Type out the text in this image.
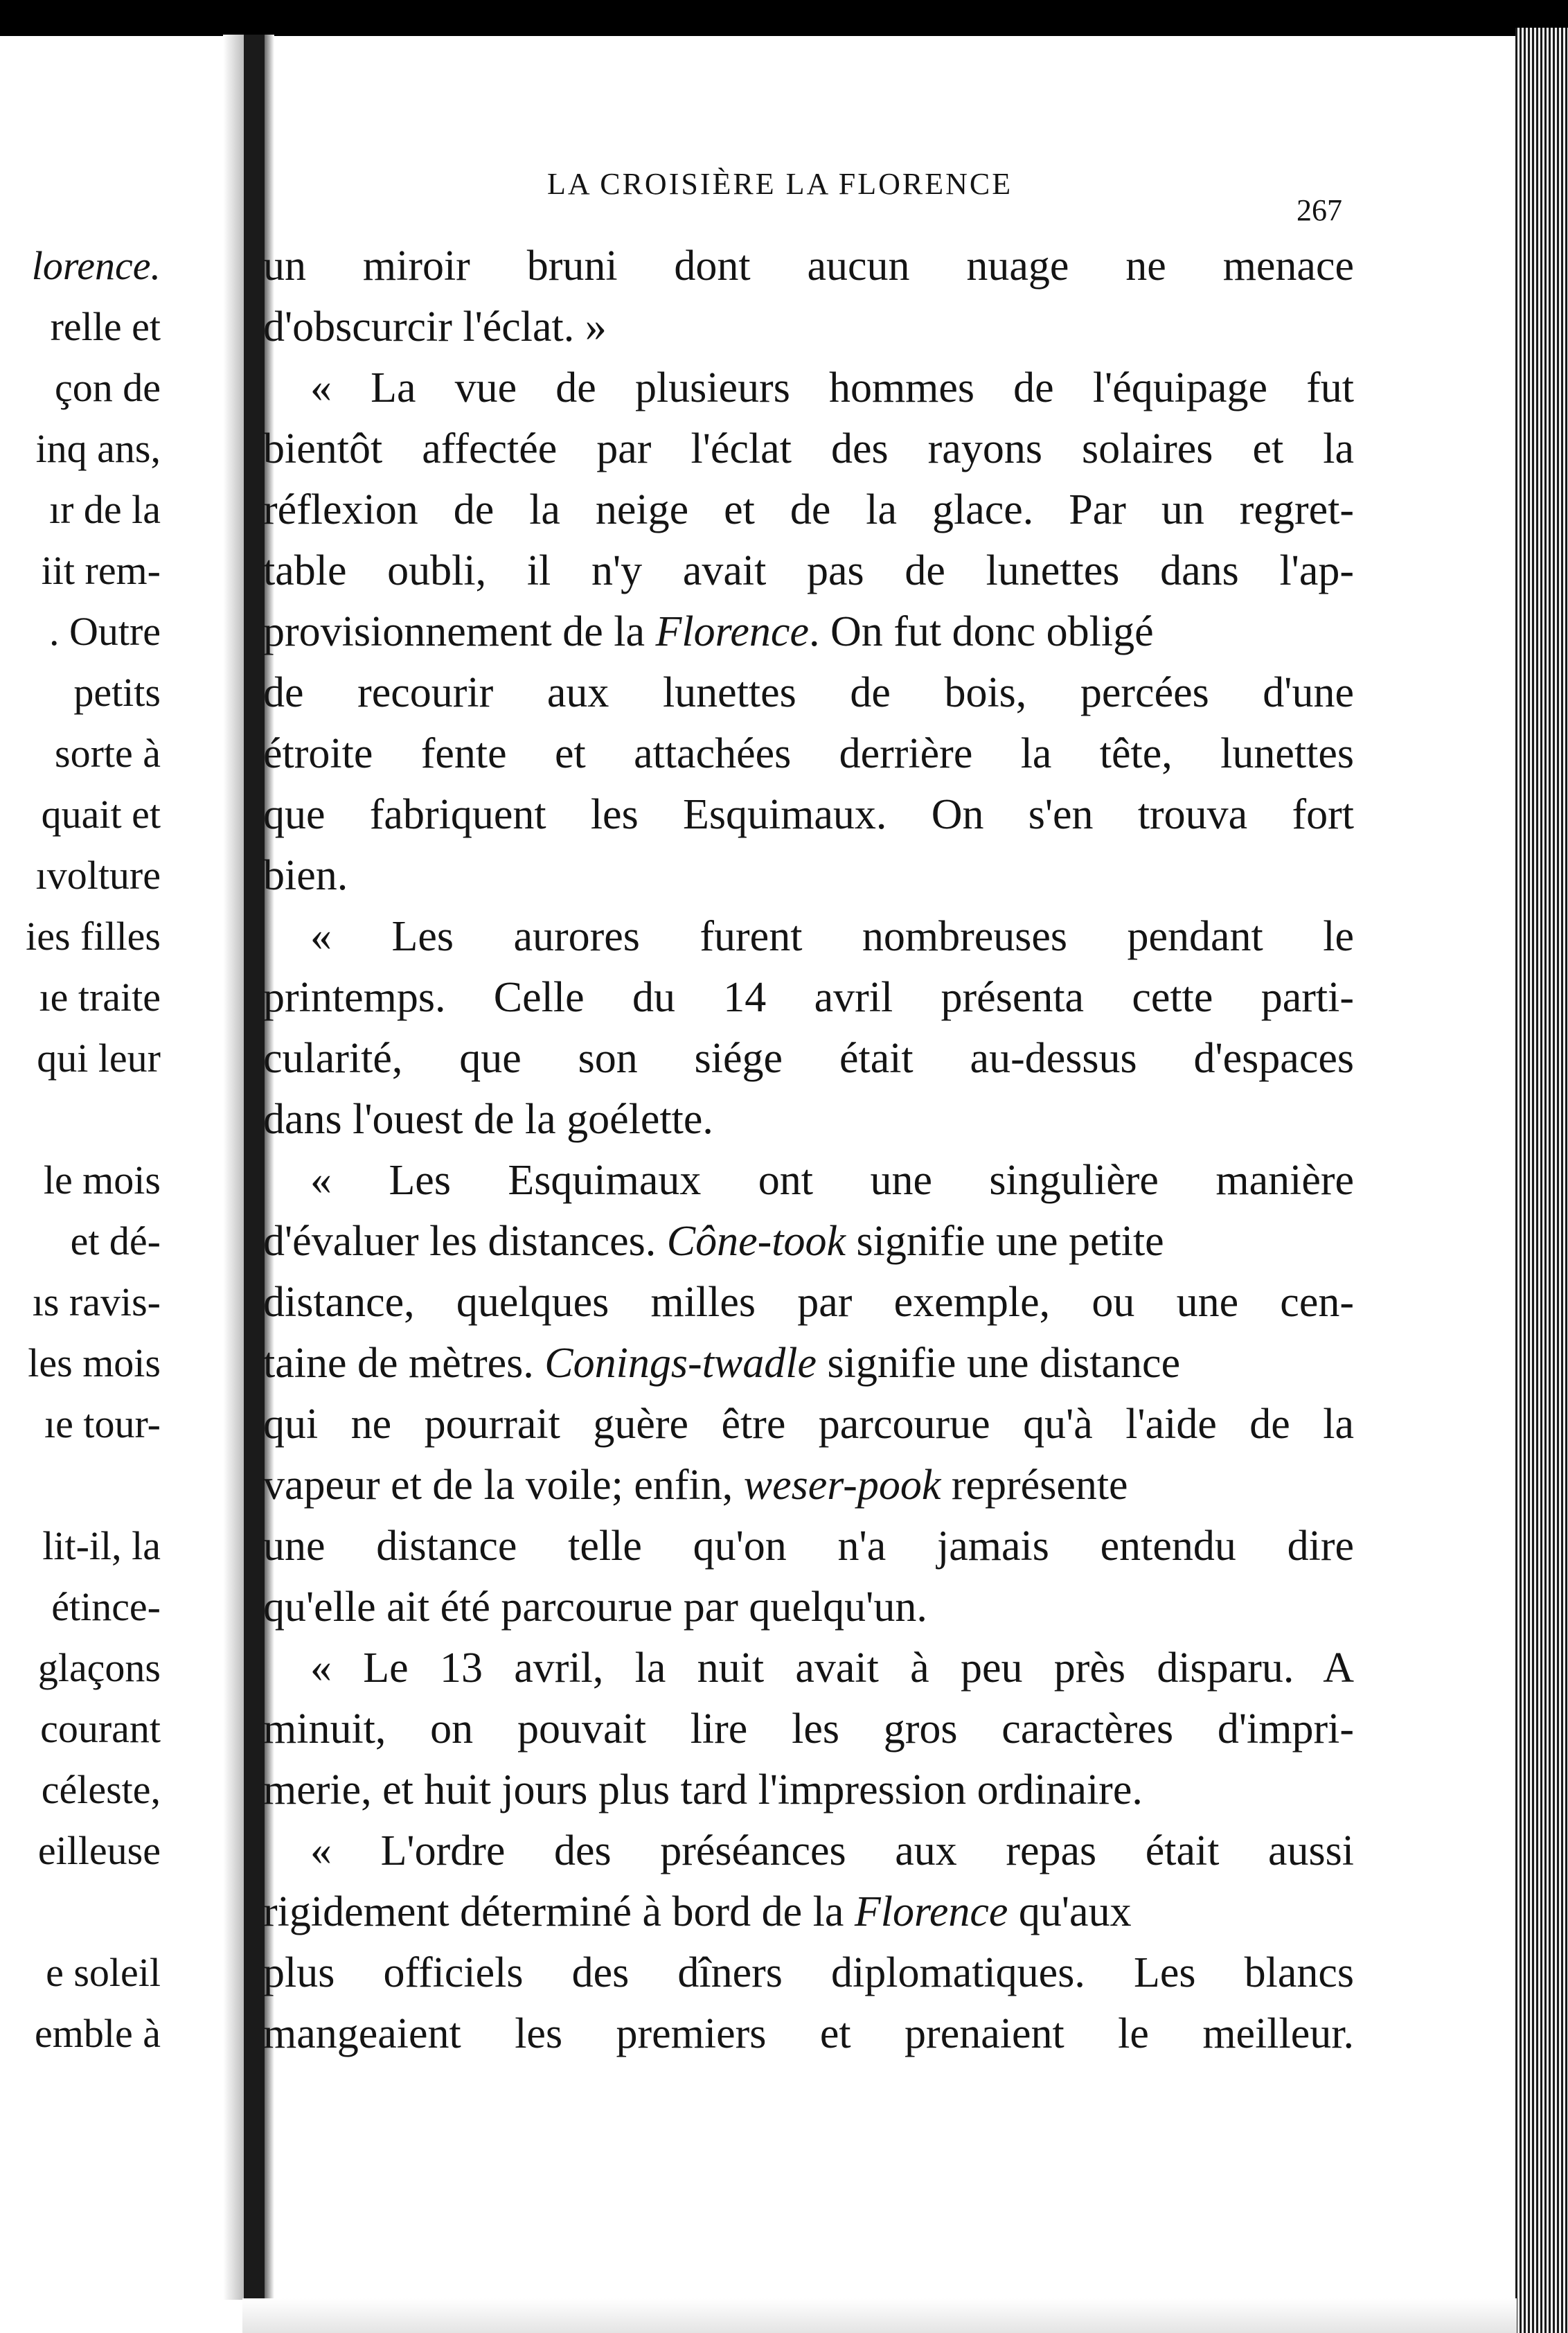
lorence.
relle et
çon de
inq ans,
ır de la
iit rem-
. Outre
petits
sorte à
quait et
ıvolture
ies filles
ıe traite
qui leur
le mois
et dé-
ıs ravis-
les mois
ıe tour-
lit-il, la
étince-
glaçons
courant
céleste,
eilleuse
e soleil
emble à
LA CROISIÈRE LA FLORENCE
267
un miroir bruni dont aucun nuage ne menace
d'obscurcir l'éclat. »
« La vue de plusieurs hommes de l'équipage fut
bientôt affectée par l'éclat des rayons solaires et la
réflexion de la neige et de la glace. Par un regret-
table oubli, il n'y avait pas de lunettes dans l'ap-
provisionnement de la Florence. On fut donc obligé
de recourir aux lunettes de bois, percées d'une
étroite fente et attachées derrière la tête, lunettes
que fabriquent les Esquimaux. On s'en trouva fort
bien.
« Les aurores furent nombreuses pendant le
printemps. Celle du 14 avril présenta cette parti-
cularité, que son siége était au-dessus d'espaces
dans l'ouest de la goélette.
« Les Esquimaux ont une singulière manière
d'évaluer les distances. Cône-took signifie une petite
distance, quelques milles par exemple, ou une cen-
taine de mètres. Conings-twadle signifie une distance
qui ne pourrait guère être parcourue qu'à l'aide de la
vapeur et de la voile; enfin, weser-pook représente
une distance telle qu'on n'a jamais entendu dire
qu'elle ait été parcourue par quelqu'un.
« Le 13 avril, la nuit avait à peu près disparu. A
minuit, on pouvait lire les gros caractères d'impri-
merie, et huit jours plus tard l'impression ordinaire.
« L'ordre des préséances aux repas était aussi
rigidement déterminé à bord de la Florence qu'aux
plus officiels des dîners diplomatiques. Les blancs
mangeaient les premiers et prenaient le meilleur.
